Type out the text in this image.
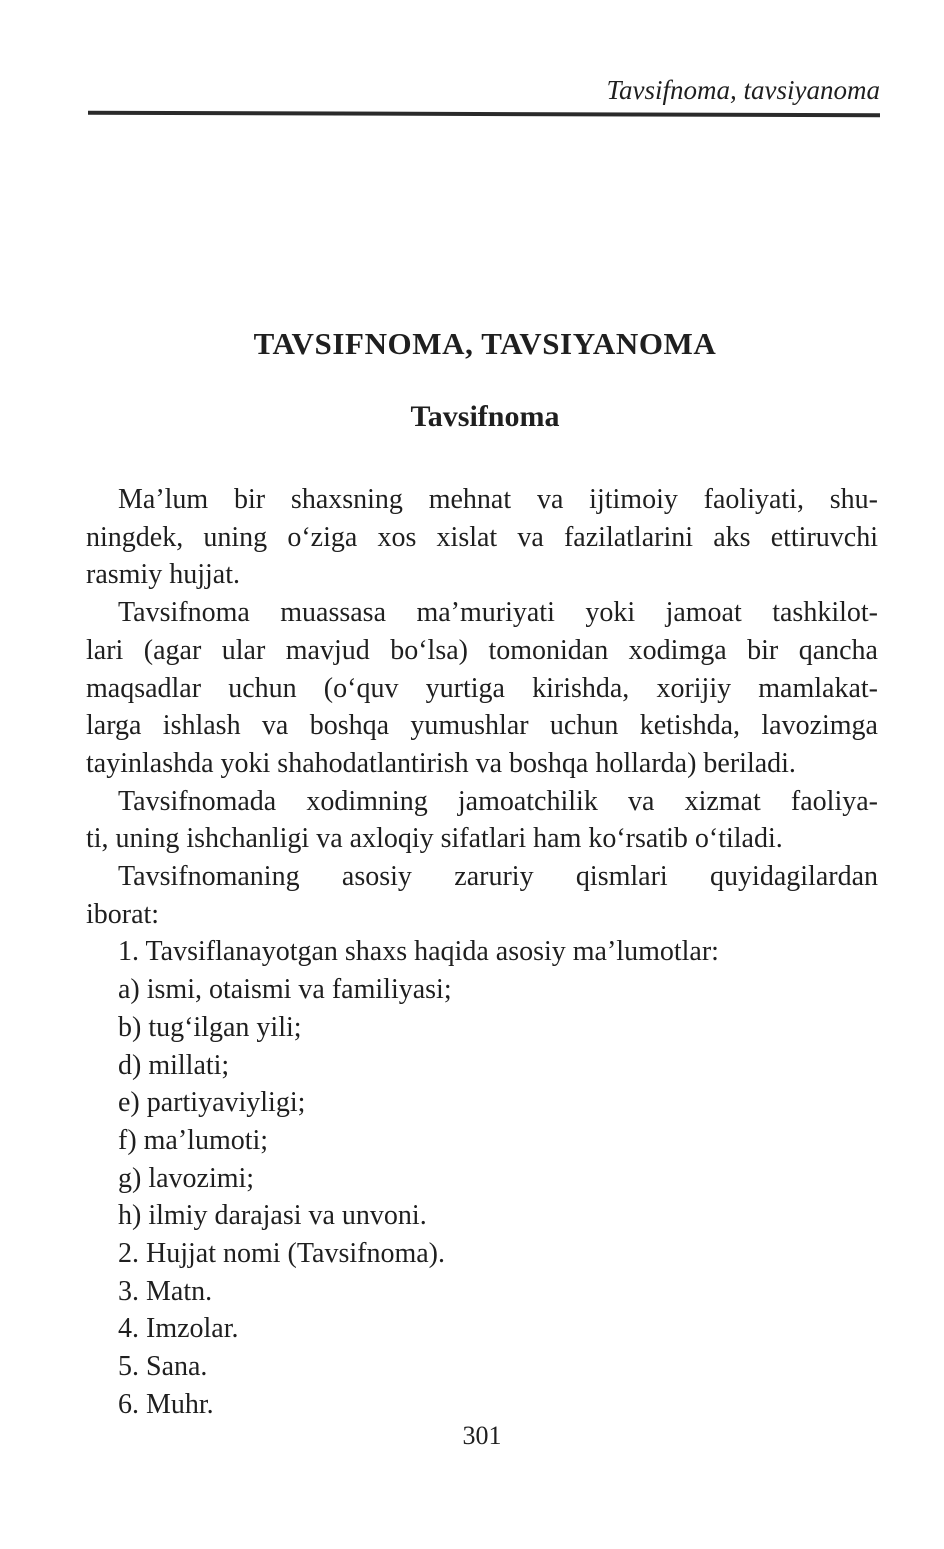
Tavsifnoma, tavsiyanoma
TAVSIFNOMA, TAVSIYANOMA
Tavsifnoma
Ma’lum bir shaxsning mehnat va ijtimoiy faoliyati, shu-
ningdek, uning o‘ziga xos xislat va fazilatlarini aks ettiruvchi
rasmiy hujjat.
Tavsifnoma muassasa ma’muriyati yoki jamoat tashkilot-
lari (agar ular mavjud bo‘lsa) tomonidan xodimga bir qancha
maqsadlar uchun (o‘quv yurtiga kirishda, xorijiy mamlakat-
larga ishlash va boshqa yumushlar uchun ketishda, lavozimga
tayinlashda yoki shahodatlantirish va boshqa hollarda) beriladi.
Tavsifnomada xodimning jamoatchilik va xizmat faoliya-
ti, uning ishchanligi va axloqiy sifatlari ham ko‘rsatib o‘tiladi.
Tavsifnomaning asosiy zaruriy qismlari quyidagilardan
iborat:
1. Tavsiflanayotgan shaxs haqida asosiy ma’lumotlar:
a) ismi, otaismi va familiyasi;
b) tug‘ilgan yili;
d) millati;
e) partiyaviyligi;
f) ma’lumoti;
g) lavozimi;
h) ilmiy darajasi va unvoni.
2. Hujjat nomi (Tavsifnoma).
3. Matn.
4. Imzolar.
5. Sana.
6. Muhr.
301
